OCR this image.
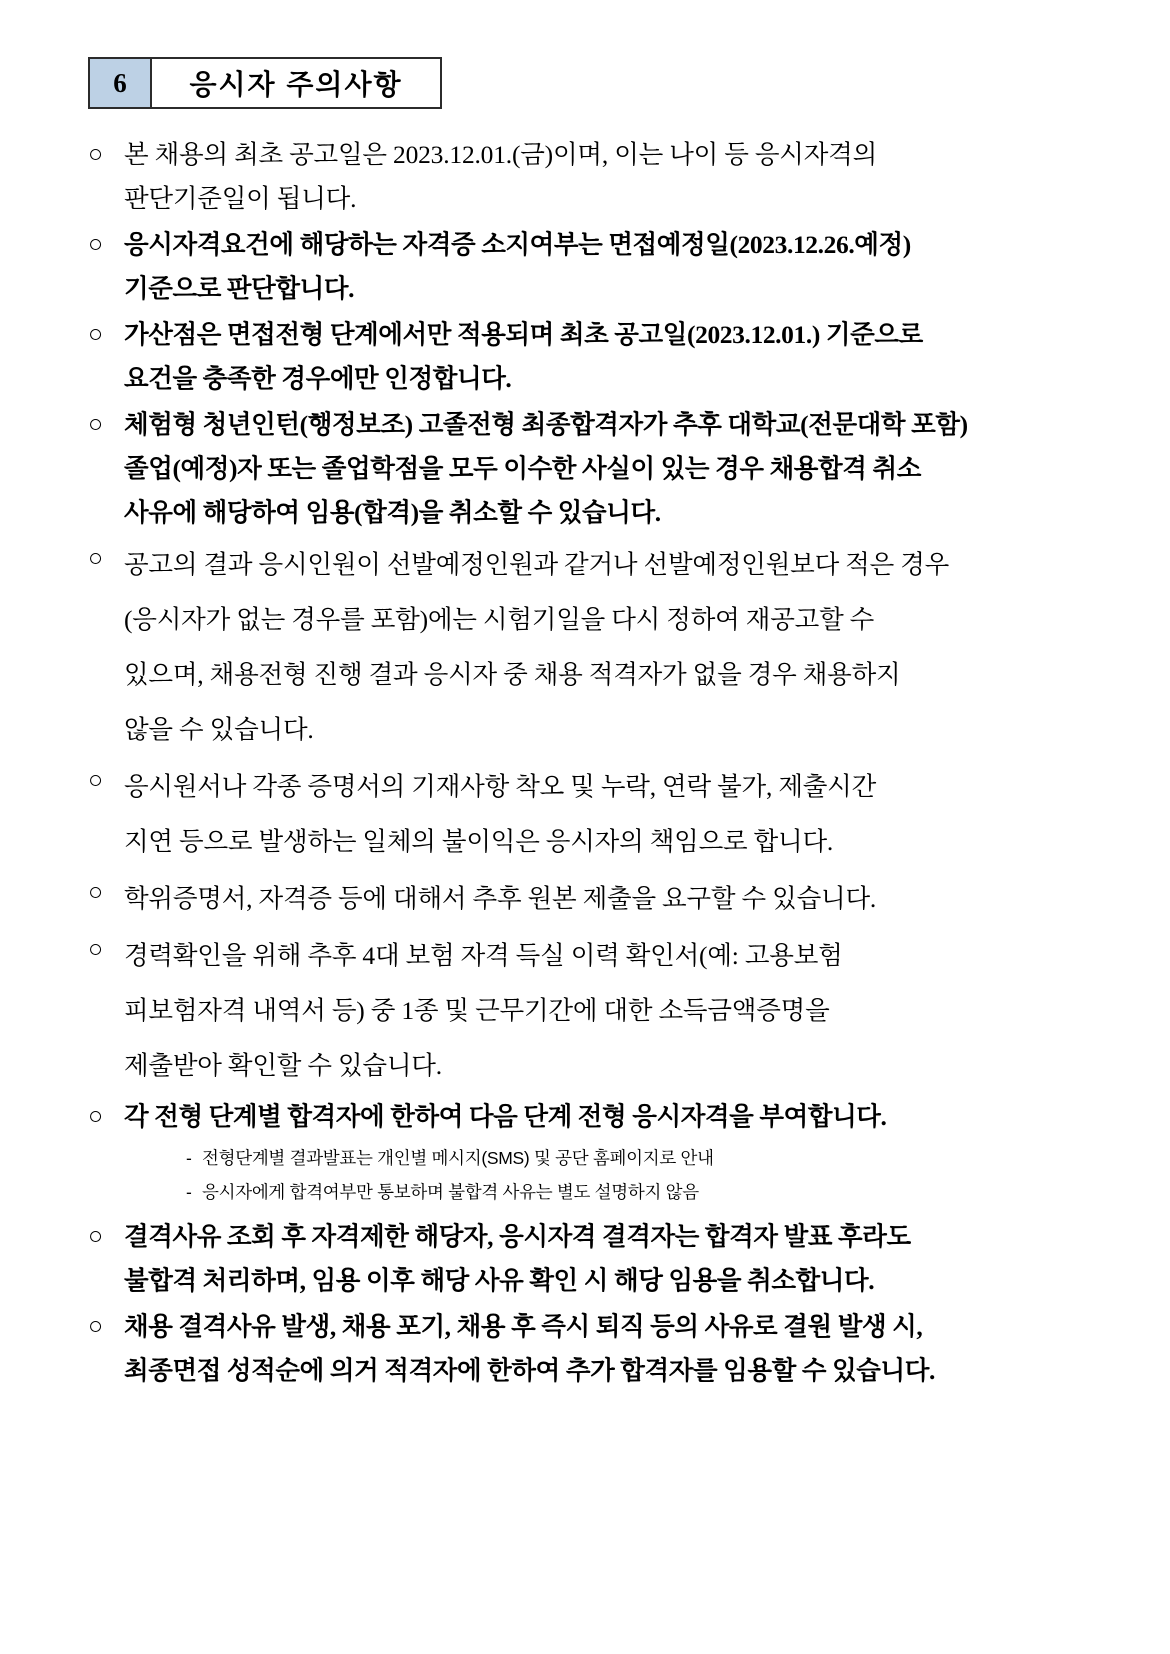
6	응시자 주의사항
○ 본 채용의 최초 공고일은 2023.12.01.(금)이며, 이는 나이 등 응시자격의
판단기준일이 됩니다.
○ 응시자격요건에 해당하는 자격증 소지여부는 면접예정일(2023.12.26.예정)
기준으로 판단합니다.
○ 가산점은 면접전형 단계에서만 적용되며 최초 공고일(2023.12.01.) 기준으로
요건을 충족한 경우에만 인정합니다.
○ 체험형 청년인턴(행정보조) 고졸전형 최종합격자가 추후 대학교(전문대학 포함)
졸업(예정)자 또는 졸업학점을 모두 이수한 사실이 있는 경우 채용합격 취소
사유에 해당하여 임용(합격)을 취소할 수 있습니다.
○ 공고의 결과 응시인원이 선발예정인원과 같거나 선발예정인원보다 적은 경우
(응시자가 없는 경우를 포함)에는 시험기일을 다시 정하여 재공고할 수
있으며, 채용전형 진행 결과 응시자 중 채용 적격자가 없을 경우 채용하지
않을 수 있습니다.
○ 응시원서나 각종 증명서의 기재사항 착오 및 누락, 연락 불가, 제출시간
지연 등으로 발생하는 일체의 불이익은 응시자의 책임으로 합니다.
○ 학위증명서, 자격증 등에 대해서 추후 원본 제출을 요구할 수 있습니다.
○ 경력확인을 위해 추후 4대 보험 자격 득실 이력 확인서(예: 고용보험
피보험자격 내역서 등) 중 1종 및 근무기간에 대한 소득금액증명을
제출받아 확인할 수 있습니다.
○ 각 전형 단계별 합격자에 한하여 다음 단계 전형 응시자격을 부여합니다.
- 전형단계별 결과발표는 개인별 메시지(SMS) 및 공단 홈페이지로 안내
- 응시자에게 합격여부만 통보하며 불합격 사유는 별도 설명하지 않음
○ 결격사유 조회 후 자격제한 해당자, 응시자격 결격자는 합격자 발표 후라도
불합격 처리하며, 임용 이후 해당 사유 확인 시 해당 임용을 취소합니다.
○ 채용 결격사유 발생, 채용 포기, 채용 후 즉시 퇴직 등의 사유로 결원 발생 시,
최종면접 성적순에 의거 적격자에 한하여 추가 합격자를 임용할 수 있습니다.
